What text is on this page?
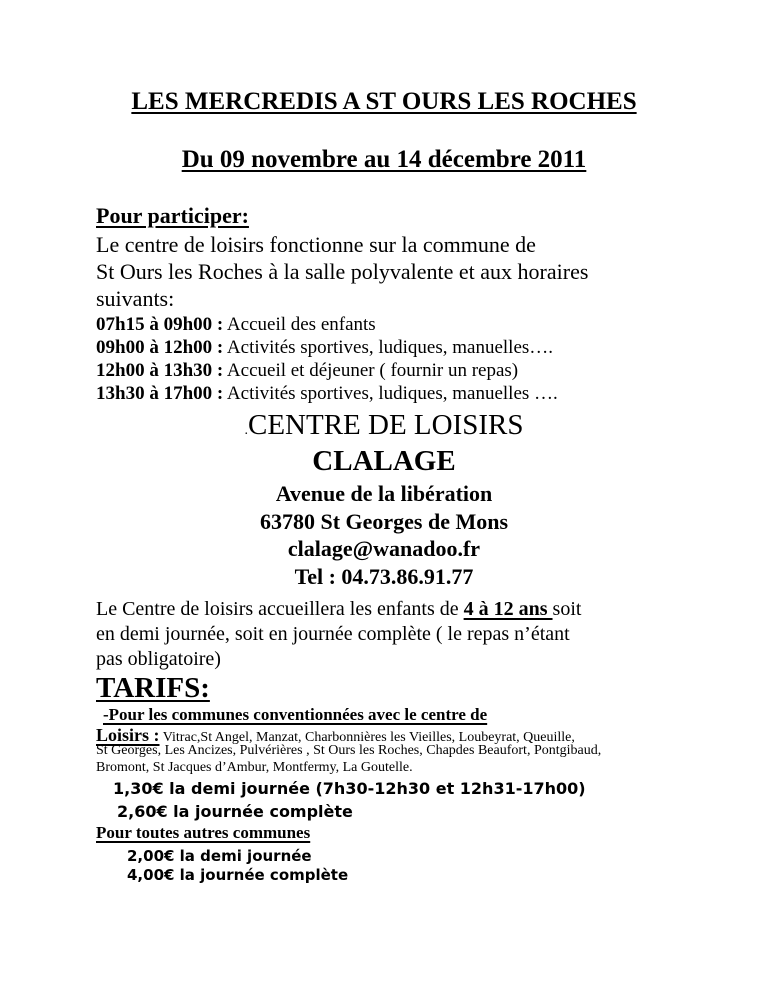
LES MERCREDIS A ST OURS LES ROCHES
Du 09 novembre au 14 décembre 2011
Pour participer:
Le centre de loisirs fonctionne sur la commune de
St Ours les Roches à la salle polyvalente et aux horaires
suivants:
07h15 à 09h00 : Accueil des enfants
09h00 à 12h00 : Activités sportives, ludiques, manuelles….
12h00 à 13h30 : Accueil et déjeuner ( fournir un repas)
13h30 à 17h00 : Activités sportives, ludiques, manuelles ….
.CENTRE DE LOISIRS
CLALAGE
Avenue de la libération
63780 St Georges de Mons
clalage@wanadoo.fr
Tel : 04.73.86.91.77
Le Centre de loisirs accueillera les enfants de 4 à 12 ans soit
en demi journée, soit en journée complète ( le repas n’étant
pas obligatoire)
TARIFS:
-Pour les communes conventionnées avec le centre de
Loisirs : Vitrac,St Angel, Manzat, Charbonnières les Vieilles, Loubeyrat, Queuille,
St Georges, Les Ancizes, Pulvérières , St Ours les Roches, Chapdes Beaufort, Pontgibaud,
Bromont, St Jacques d’Ambur, Montfermy, La Goutelle.
1,30€ la demi journée (7h30-12h30 et 12h31-17h00)
2,60€ la journée complète
Pour toutes autres communes
2,00€ la demi journée
4,00€ la journée complète
